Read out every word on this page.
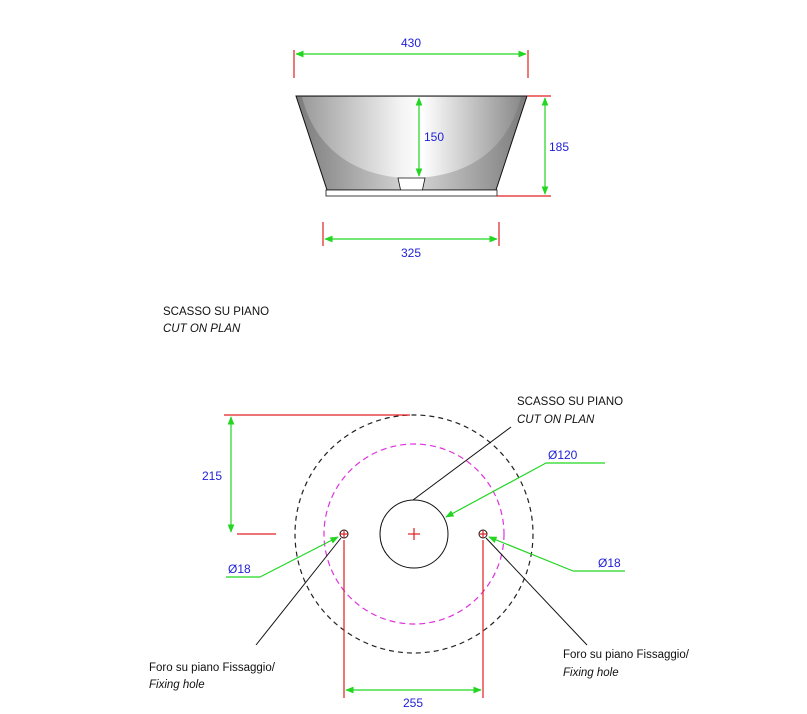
430
150
185
325
SCASSO SU PIANO
CUT ON PLAN
215
Ø120
SCASSO SU PIANO
CUT ON PLAN
Ø18	Ø18
Foro su piano Fissaggio/
Fixing hole
Foro su piano Fissaggio/
Fixing hole
255
